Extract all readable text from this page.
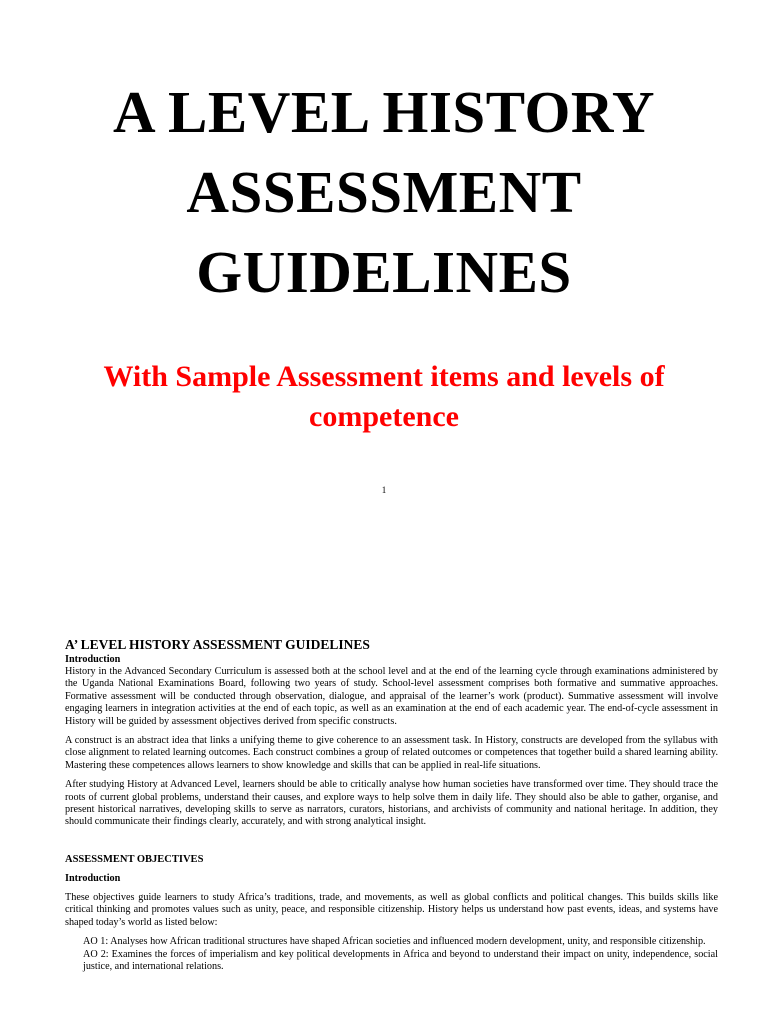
A LEVEL HISTORY
ASSESSMENT
GUIDELINES
With Sample Assessment items and levels of
competence
1
A’ LEVEL HISTORY ASSESSMENT GUIDELINES

Introduction

History in the Advanced Secondary Curriculum is assessed both at the school level and at the end of the learning cycle through examinations administered by the Uganda National Examinations Board, following two years of study. School-level assessment comprises both formative and summative approaches. Formative assessment will be conducted through observation, dialogue, and appraisal of the learner’s work (product). Summative assessment will involve engaging learners in integration activities at the end of each topic, as well as an examination at the end of each academic year. The end-of-cycle assessment in History will be guided by assessment objectives derived from specific constructs.

A construct is an abstract idea that links a unifying theme to give coherence to an assessment task. In History, constructs are developed from the syllabus with close alignment to related learning outcomes. Each construct combines a group of related outcomes or competences that together build a shared learning ability. Mastering these competences allows learners to show knowledge and skills that can be applied in real-life situations.

After studying History at Advanced Level, learners should be able to critically analyse how human societies have transformed over time. They should trace the roots of current global problems, understand their causes, and explore ways to help solve them in daily life. They should also be able to gather, organise, and present historical narratives, developing skills to serve as narrators, curators, historians, and archivists of community and national heritage. In addition, they should communicate their findings clearly, accurately, and with strong analytical insight.

ASSESSMENT OBJECTIVES

Introduction

These objectives guide learners to study Africa’s traditions, trade, and movements, as well as global conflicts and political changes. This builds skills like critical thinking and promotes values such as unity, peace, and responsible citizenship. History helps us understand how past events, ideas, and systems have shaped today’s world as listed below:

AO 1: Analyses how African traditional structures have shaped African societies and influenced modern development, unity, and responsible citizenship.

AO 2: Examines the forces of imperialism and key political developments in Africa and beyond to understand their impact on unity, independence, social justice, and international relations.
